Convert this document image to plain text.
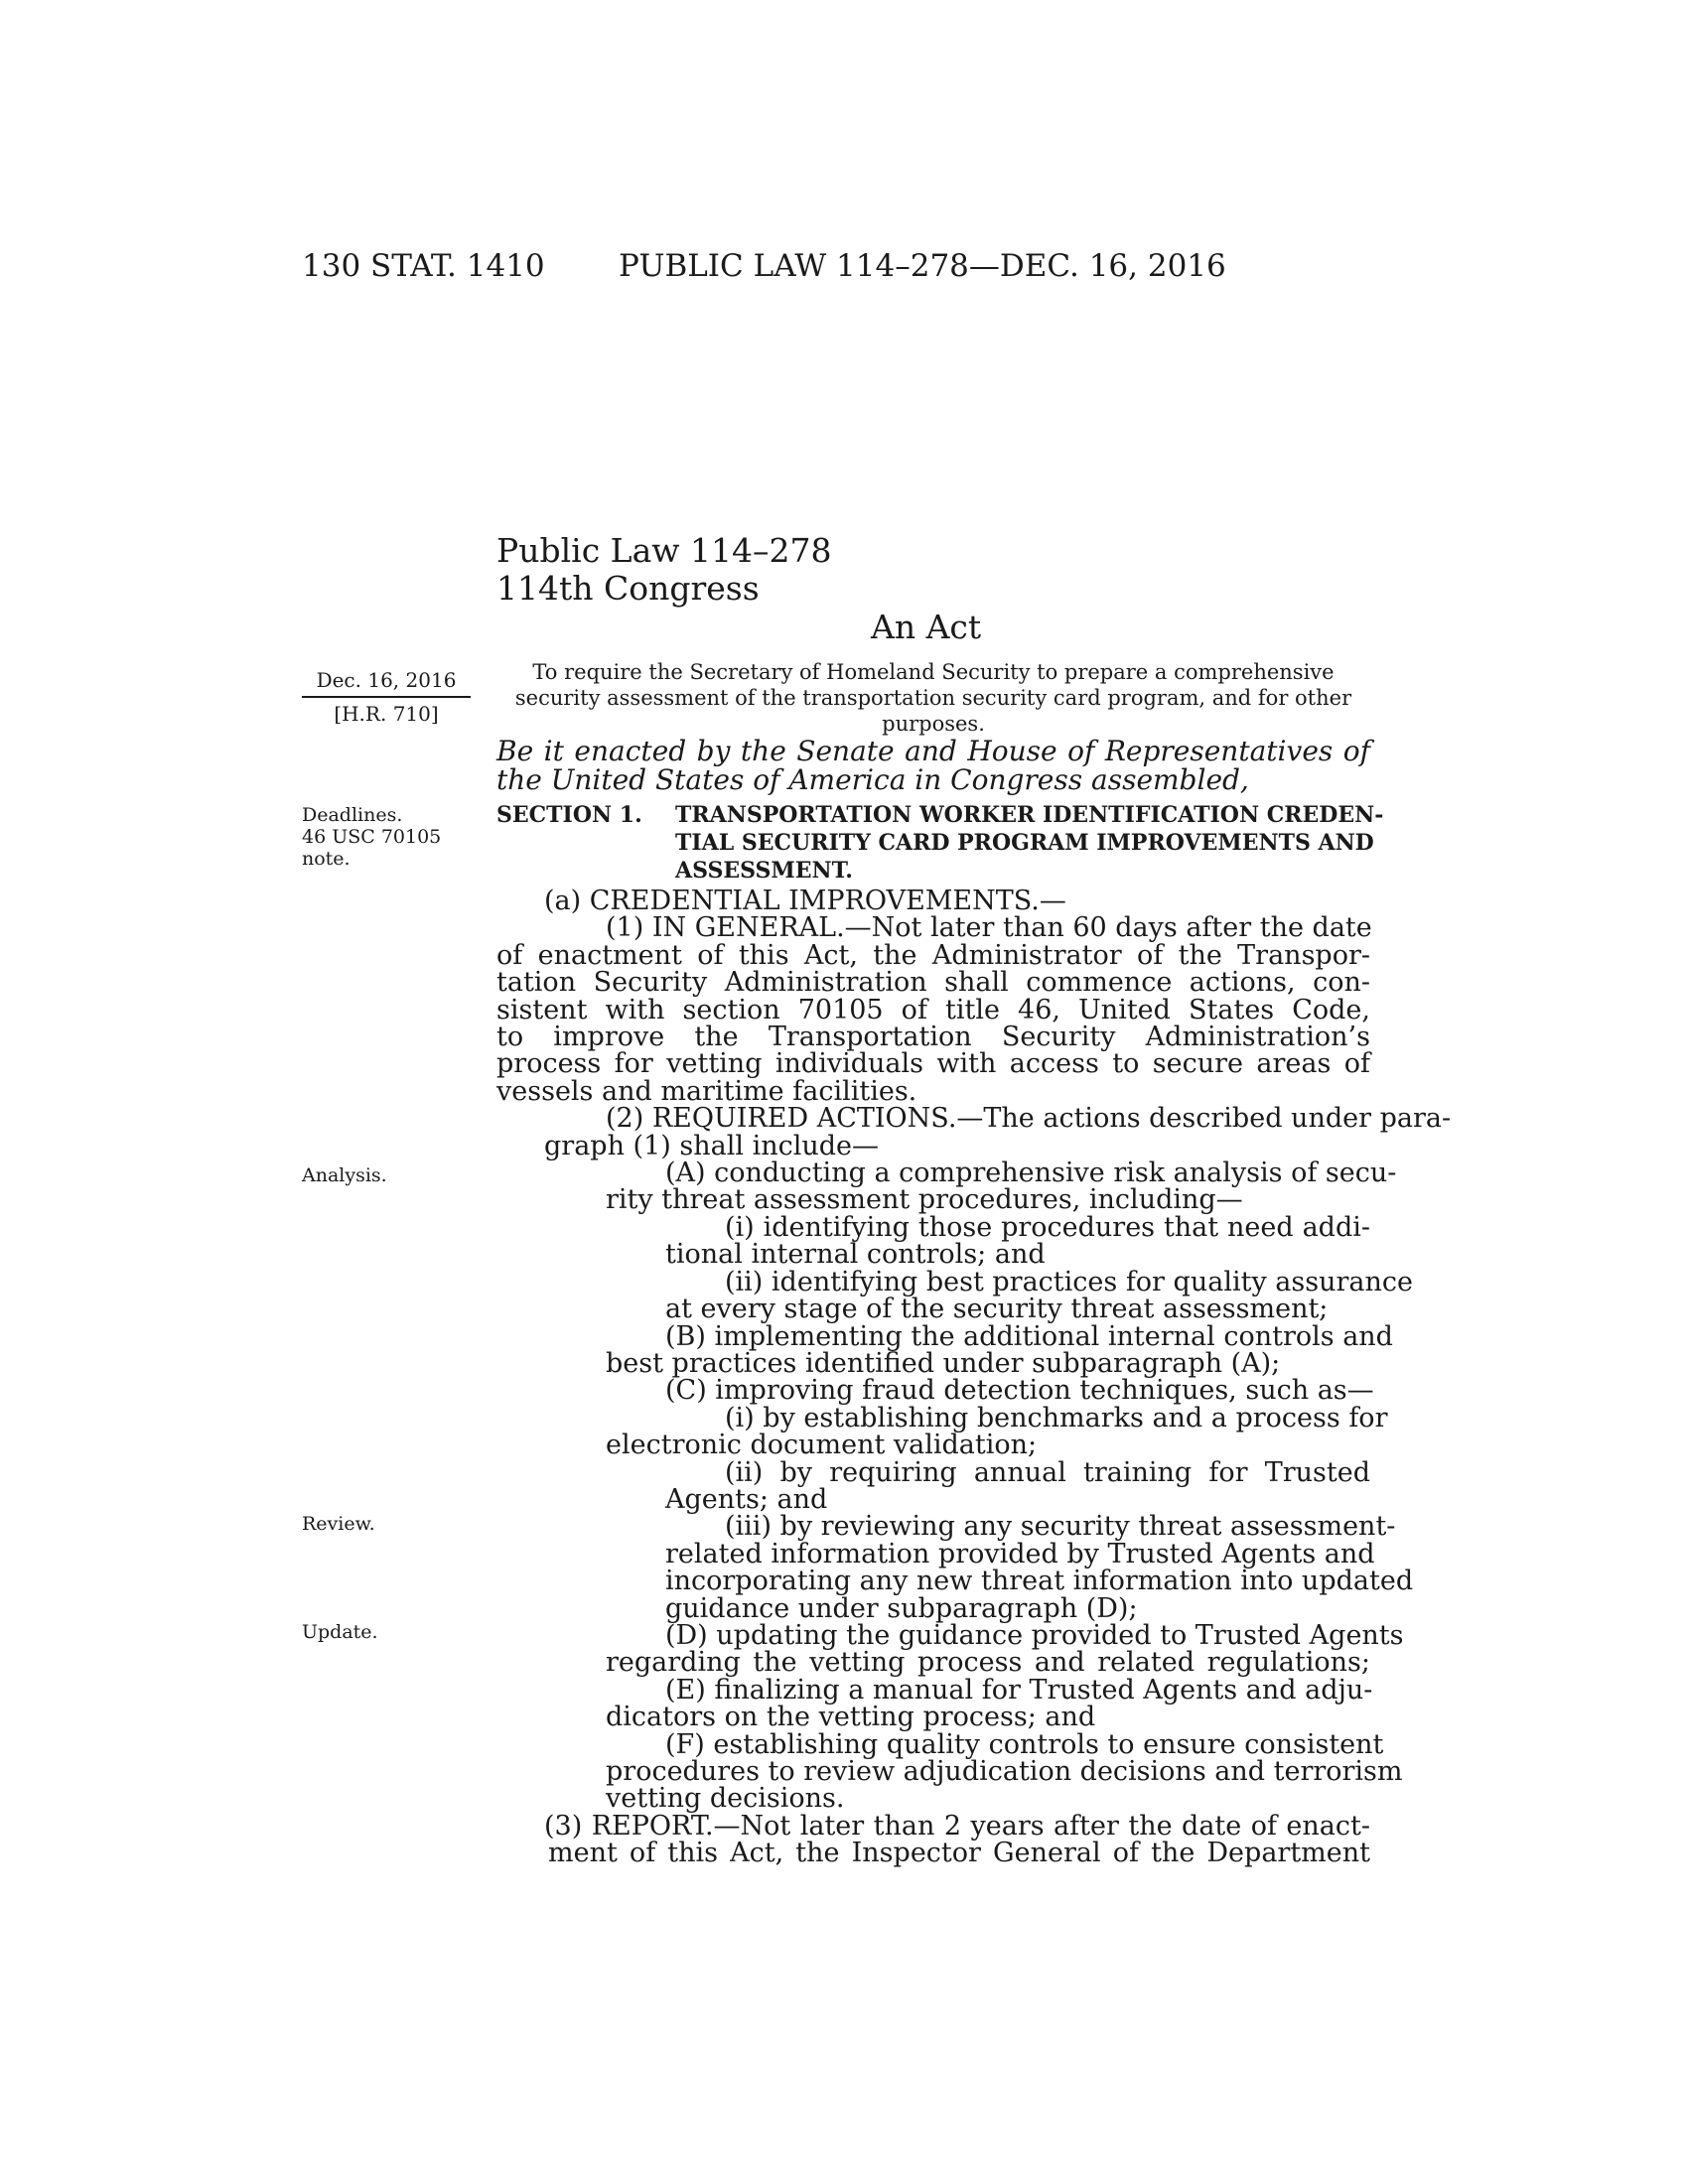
130 STAT. 1410 PUBLIC LAW 114–278—DEC. 16, 2016
Public Law 114–278
114th Congress
An Act
Dec. 16, 2016
[H.R. 710]
To require the Secretary of Homeland Security to prepare a comprehensive security assessment of the transportation security card program, and for other purposes.
Be it enacted by the Senate and House of Representatives of the United States of America in Congress assembled,
Deadlines.
46 USC 70105
note.
Analysis.
Review.
Update.
SECTION 1. TRANSPORTATION WORKER IDENTIFICATION CREDEN-
TIAL SECURITY CARD PROGRAM IMPROVEMENTS AND
ASSESSMENT.
(a) CREDENTIAL IMPROVEMENTS.—
(1) IN GENERAL.—Not later than 60 days after the date
of enactment of this Act, the Administrator of the Transpor-
tation Security Administration shall commence actions, con-
sistent with section 70105 of title 46, United States Code,
to improve the Transportation Security Administration’s
process for vetting individuals with access to secure areas of
vessels and maritime facilities.
(2) REQUIRED ACTIONS.—The actions described under para-
graph (1) shall include—
(A) conducting a comprehensive risk analysis of secu-
rity threat assessment procedures, including—
(i) identifying those procedures that need addi-
tional internal controls; and
(ii) identifying best practices for quality assurance
at every stage of the security threat assessment;
(B) implementing the additional internal controls and
best practices identified under subparagraph (A);
(C) improving fraud detection techniques, such as—
(i) by establishing benchmarks and a process for
electronic document validation;
(ii) by requiring annual training for Trusted
Agents; and
(iii) by reviewing any security threat assessment-
related information provided by Trusted Agents and
incorporating any new threat information into updated
guidance under subparagraph (D);
(D) updating the guidance provided to Trusted Agents
regarding the vetting process and related regulations;
(E) finalizing a manual for Trusted Agents and adju-
dicators on the vetting process; and
(F) establishing quality controls to ensure consistent
procedures to review adjudication decisions and terrorism
vetting decisions.
(3) REPORT.—Not later than 2 years after the date of enact-
ment of this Act, the Inspector General of the Department
